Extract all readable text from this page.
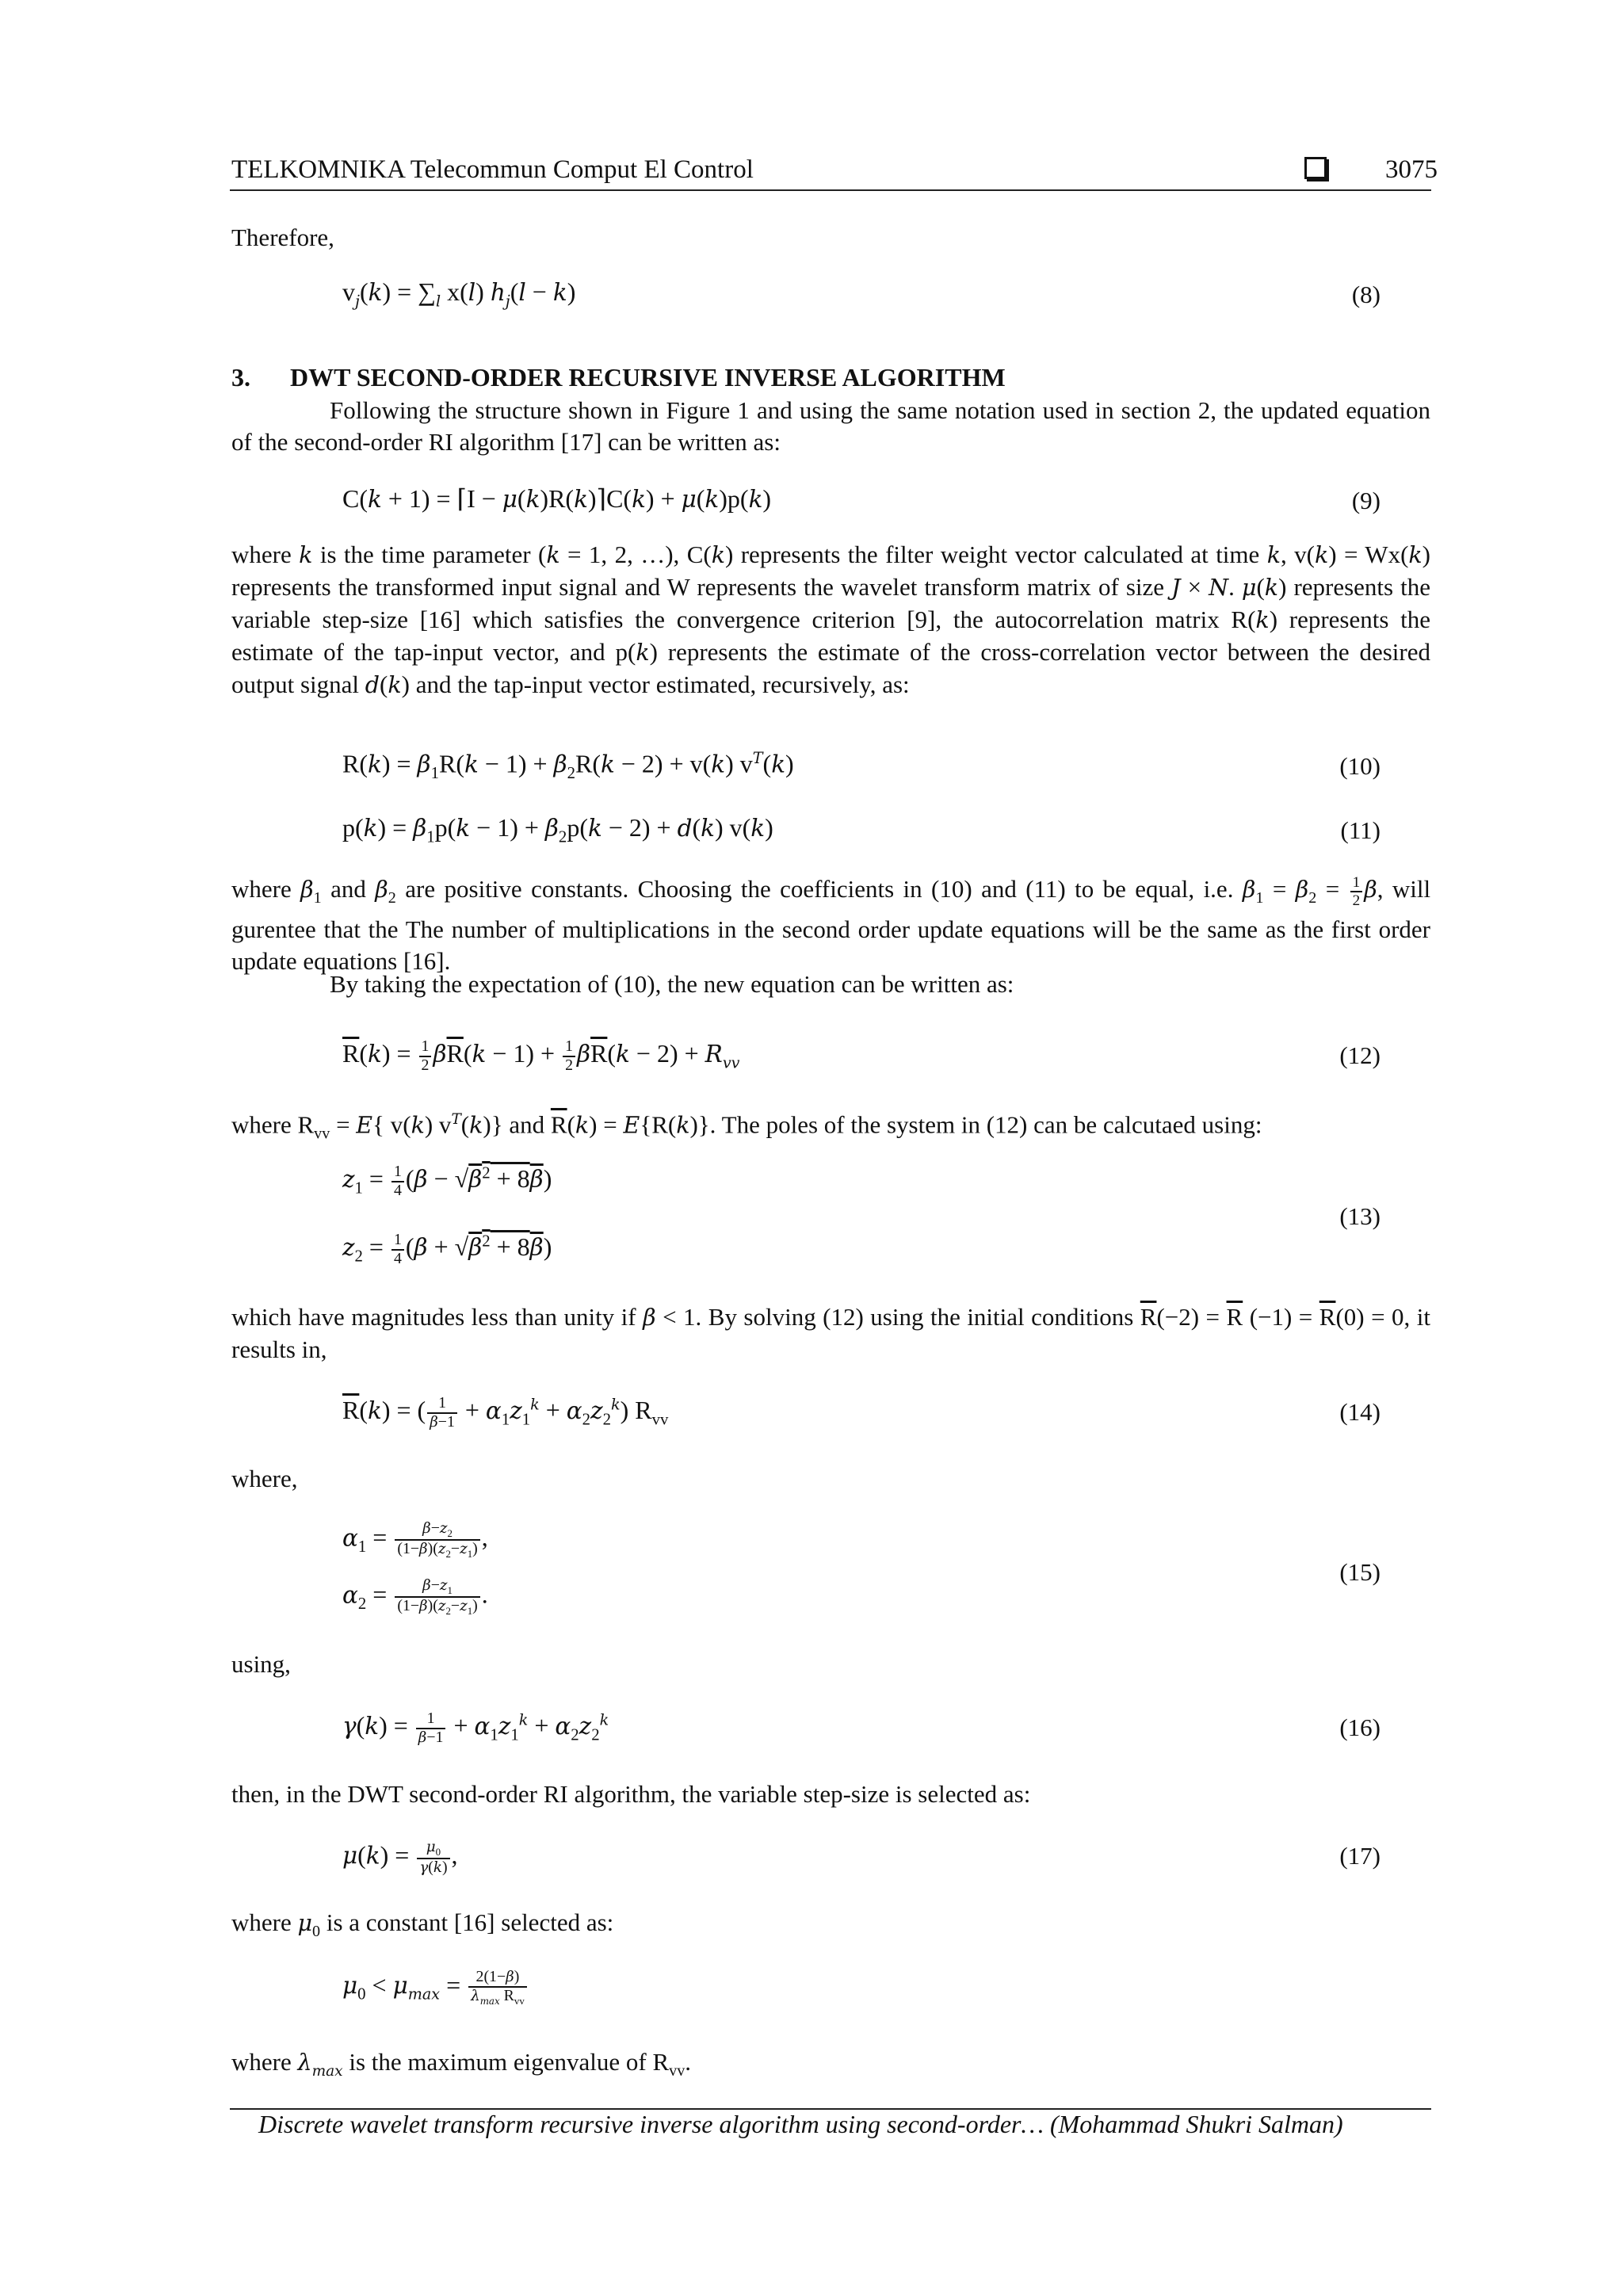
TELKOMNIKA Telecommun Comput El Control	3075
Therefore,
$v_j(k) = \sum_l$ x(l) $h_j(l - k)$	(8)
3. DWT SECOND-ORDER RECURSIVE INVERSE ALGORITHM
Following the structure shown in Figure 1 and using the same notation used in section 2, the updated equation of the second-order RI algorithm [17] can be written as:
C(k + 1) = ⌈I − μ(k)R(k)⌉C(k) + μ(k)p(k)	(9)
where k is the time parameter (k = 1, 2, …), C(k) represents the filter weight vector calculated at time k, v(k) = Wx(k) represents the transformed input signal and W represents the wavelet transform matrix of size J × N. μ(k) represents the variable step-size [16] which satisfies the convergence criterion [9], the autocorrelation matrix R(k) represents the estimate of the tap-input vector, and p(k) represents the estimate of the cross-correlation vector between the desired output signal d(k) and the tap-input vector estimated, recursively, as:
$R(k) = \beta_1R(k - 1) + \beta_2R(k - 2) + v(k)$ $v^T(k)$	(10)
$p(k) = \beta_1p(k - 1) + \beta_2p(k - 2) + d(k)$ v(k)	(11)
where $\beta_1$ and $\beta_2$ are positive constants. Choosing the coefficients in (10) and (11) to be equal, i.e. $\beta_1 = \beta_2 = \frac{1}{2} \beta$, will gurentee that the The number of multiplications in the second order update equations will be the same as the first order update equations [16].
By taking the expectation of (10), the new equation can be written as:
$\overline{R}(k) = \frac{1}{2} \beta\overline{R}(k - 1) + \frac{1}{2} \beta\overline{R}(k - 2) + R_{vv}$	(12)
where $R_{vv} = E${ v(k) $v^T(k)$} and $\overline{R}(k) = E\{R(k)\}$. The poles of the system in (12) can be calcutaed using:
$z_1 = \frac{1}{4} (\beta - √\beta^2 + 8\beta)$
$z_2 = \frac{1}{4} (\beta + √\beta^2 + 8\beta)$
(13)
which have magnitudes less than unity if β < 1. By solving (12) using the initial conditions $\overline{R}(-2) = \overline{R}$ $(-1) = \overline{R}(0) = 0$, it results in,
$\overline{R}(k)$ = ( $\frac{1}{\beta-1} + \alpha_1z_1^k + \alpha_2z_2^k$) $R_{vv}$	(14)
where,
$\alpha_1 = \frac{\beta-z_2}{(1-\beta)(z_2-z_1)}$ ,
$\alpha_2 = \frac{\beta-z_1}{(1-\beta)(z_2-z_1)}$ .
(15)
using,
$\gamma(k) = \frac{1}{\beta-1} + \alpha_1z_1^k + \alpha_2z_2^k$	(16)
then, in the DWT second-order RI algorithm, the variable step-size is selected as:
$\mu(k) = \frac{\mu_0}{\gamma(k)}$ ,	(17)
where $\mu_0$ is a constant [16] selected as:
$\mu_0 < \mu_{max} = \frac{2(1-\beta)}{\lambda_{max} R_{vv}}$
where $\lambda_{max}$ is the maximum eigenvalue of $R_{vv}$.
Discrete wavelet transform recursive inverse algorithm using second-order… (Mohammad Shukri Salman)
